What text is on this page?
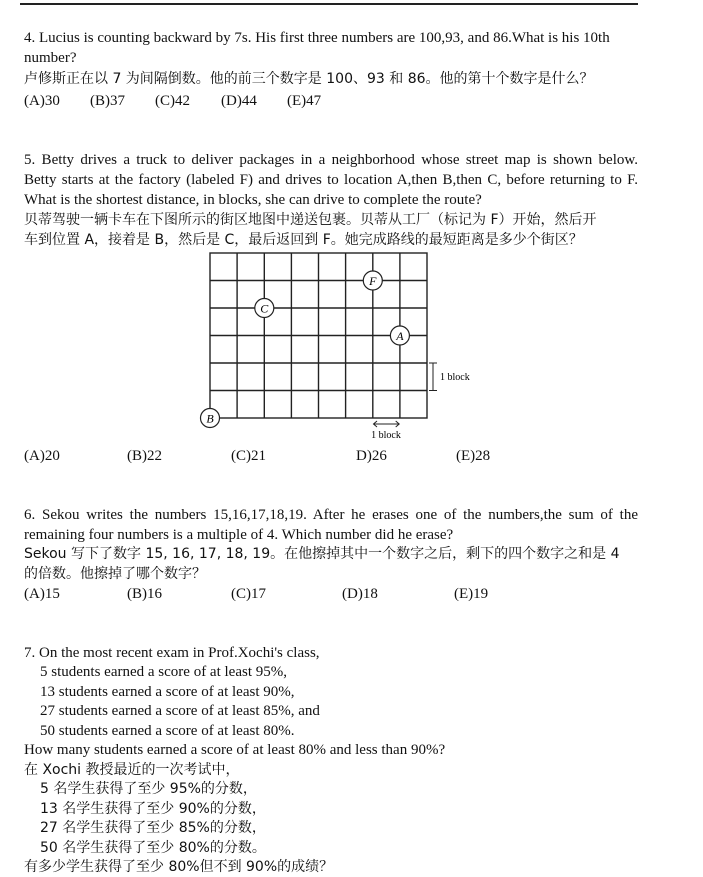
4. Lucius is counting backward by 7s. His first three numbers are 100,93, and 86.What is his 10th
number?
卢修斯正在以 7 为间隔倒数。他的前三个数字是 100、93 和 86。他的第十个数字是什么？
(A)30 (B)37 (C)42 (D)44 (E)47
5. Betty drives a truck to deliver packages in a neighborhood whose street map is shown below.
Betty starts at the factory (labeled F) and drives to location A,then B,then C, before returning to F.
What is the shortest distance, in blocks, she can drive to complete the route?
贝蒂驾驶一辆卡车在下图所示的街区地图中递送包裹。贝蒂从工厂（标记为 F）开始，然后开
车到位置 A，接着是 B，然后是 C，最后返回到 F。她完成路线的最短距离是多少个街区？
F
C
A
B
1 block
1 block
(A)20	(B)22	(C)21	D)26	(E)28
6. Sekou writes the numbers 15,16,17,18,19. After he erases one of the numbers,the sum of the
remaining four numbers is a multiple of 4. Which number did he erase?
Sekou 写下了数字 15, 16, 17, 18, 19。在他擦掉其中一个数字之后，剩下的四个数字之和是 4
的倍数。他擦掉了哪个数字？
(A)15	(B)16	(C)17	(D)18	(E)19
7. On the most recent exam in Prof.Xochi's class,
5 students earned a score of at least 95%,
13 students earned a score of at least 90%,
27 students earned a score of at least 85%, and
50 students earned a score of at least 80%.
How many students earned a score of at least 80% and less than 90%?
在 Xochi 教授最近的一次考试中，
5 名学生获得了至少 95%的分数，
13 名学生获得了至少 90%的分数，
27 名学生获得了至少 85%的分数，
50 名学生获得了至少 80%的分数。
有多少学生获得了至少 80%但不到 90%的成绩？
